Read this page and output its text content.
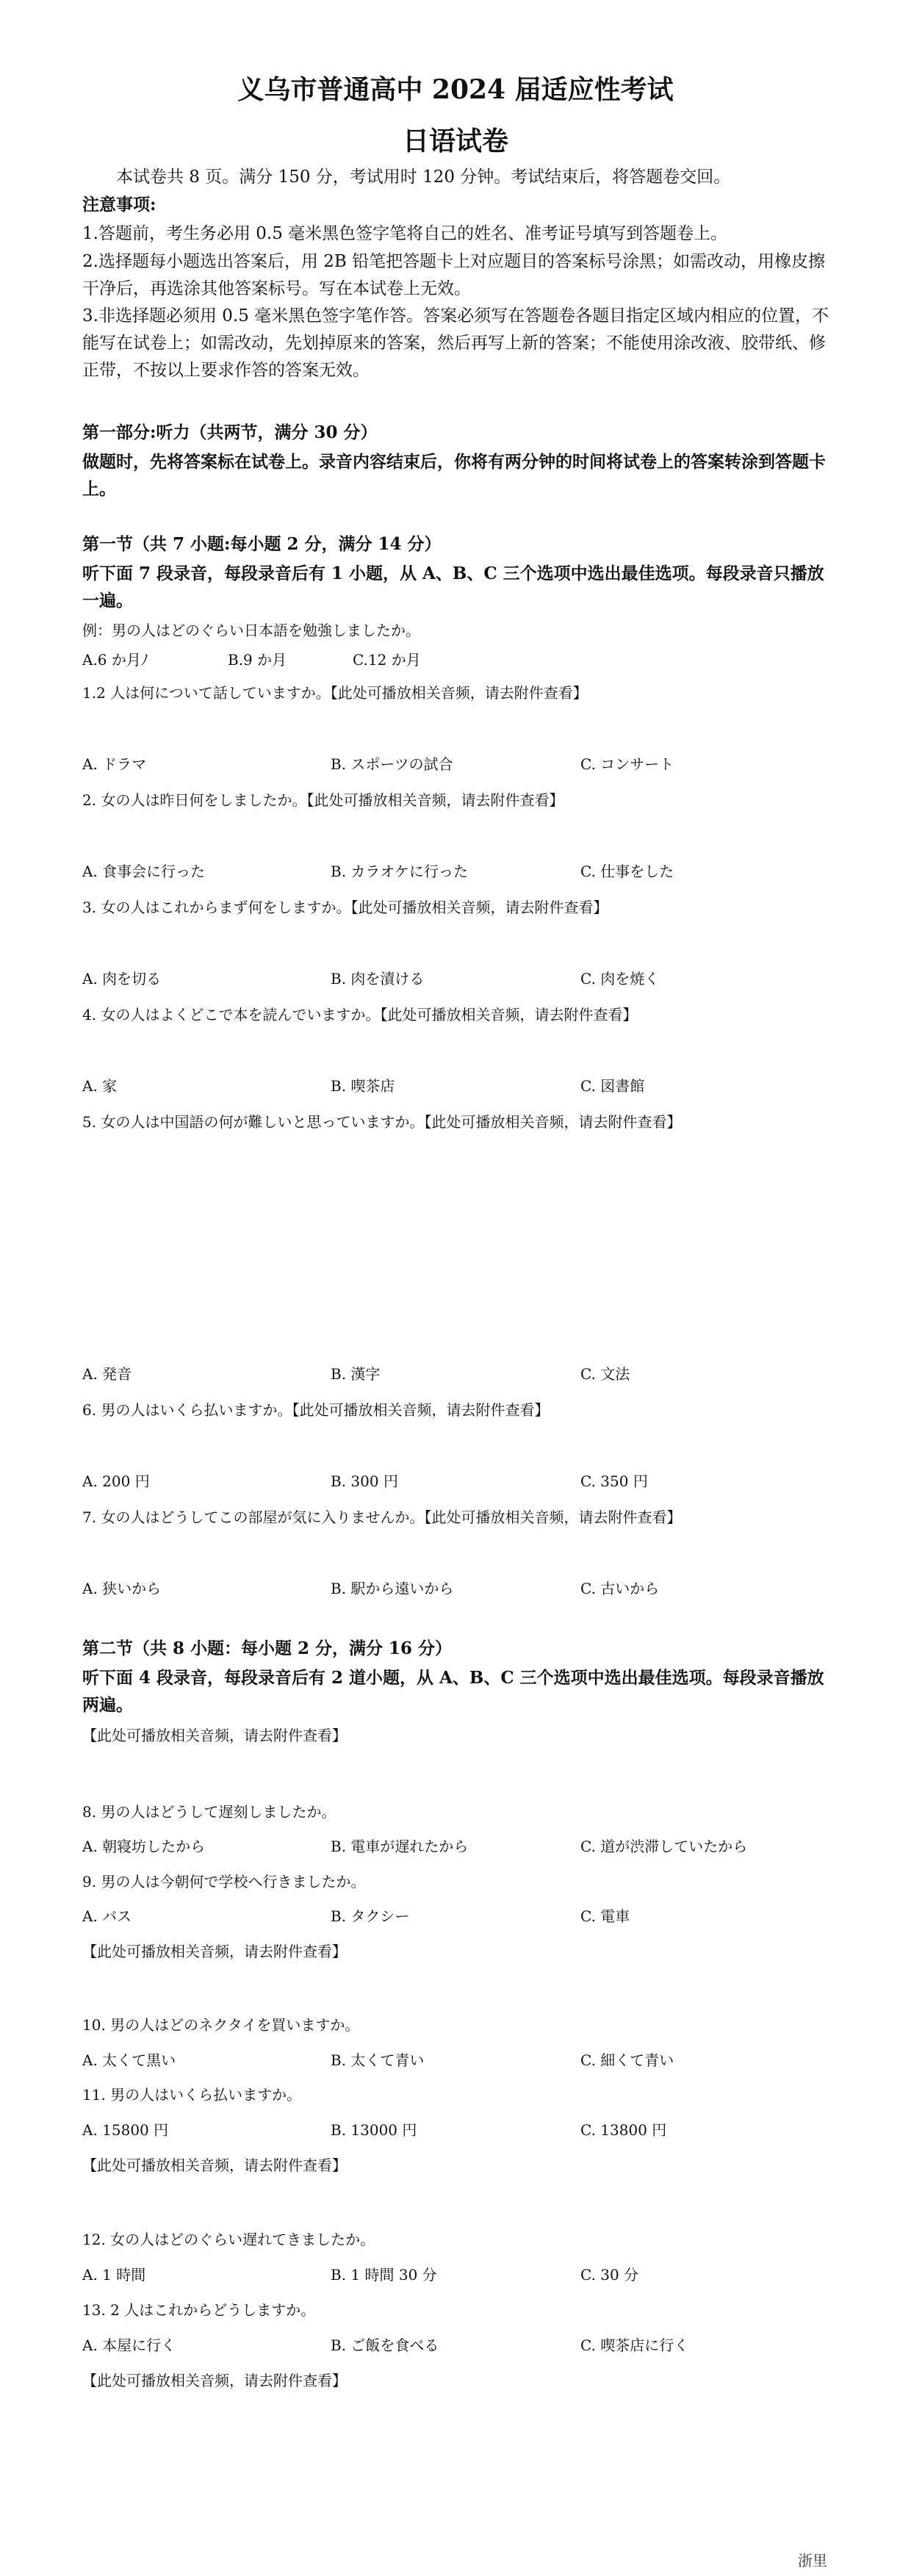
义乌市普通高中 2024 届适应性考试
日语试卷
本试卷共 8 页。满分 150 分，考试用时 120 分钟。考试结束后，将答题卷交回。
注意事项:
1.答题前，考生务必用 0.5 毫米黑色签字笔将自己的姓名、准考证号填写到答题卷上。
2.选择题每小题选出答案后，用 2B 铅笔把答题卡上对应题目的答案标号涂黑；如需改动，用橡皮擦干净后，再选涂其他答案标号。写在本试卷上无效。
3.非选择题必须用 0.5 毫米黑色签字笔作答。答案必须写在答题卷各题目指定区域内相应的位置，不能写在试卷上；如需改动，先划掉原来的答案，然后再写上新的答案；不能使用涂改液、胶带纸、修正带，不按以上要求作答的答案无效。
第一部分:听力（共两节，满分 30 分）
做题时，先将答案标在试卷上。录音内容结束后，你将有两分钟的时间将试卷上的答案转涂到答题卡上。
第一节（共 7 小题:每小题 2 分，满分 14 分）
听下面 7 段录音，每段录音后有 1 小题，从 A、B、C 三个选项中选出最佳选项。每段录音只播放一遍。
例：男の人はどのぐらい日本語を勉強しましたか。
A.6 か月ﾉ	B.9 か月	C.12 か月
1.2 人は何について話していますか。【此处可播放相关音频，请去附件查看】
A. ドラマ	B. スポーツの試合	C. コンサート
2. 女の人は昨日何をしましたか。【此处可播放相关音频，请去附件查看】
A. 食事会に行った	B. カラオケに行った	C. 仕事をした
3. 女の人はこれからまず何をしますか。【此处可播放相关音频，请去附件查看】
A. 肉を切る	B. 肉を漬ける	C. 肉を焼く
4. 女の人はよくどこで本を読んでいますか。【此处可播放相关音频，请去附件查看】
A. 家	B. 喫茶店	C. 図書館
5. 女の人は中国語の何が難しいと思っていますか。【此处可播放相关音频，请去附件查看】
A. 発音	B. 漢字	C. 文法
6. 男の人はいくら払いますか。【此处可播放相关音频，请去附件查看】
A. 200 円	B. 300 円	C. 350 円
7. 女の人はどうしてこの部屋が気に入りませんか。【此处可播放相关音频，请去附件查看】
A. 狭いから	B. 駅から遠いから	C. 古いから
第二节（共 8 小题：每小题 2 分，满分 16 分）
听下面 4 段录音，每段录音后有 2 道小题，从 A、B、C 三个选项中选出最佳选项。每段录音播放两遍。
【此处可播放相关音频，请去附件查看】
8. 男の人はどうして遅刻しましたか。
A. 朝寝坊したから	B. 電車が遅れたから	C. 道が渋滞していたから
9. 男の人は今朝何で学校へ行きましたか。
A. バス	B. タクシー	C. 電車
【此处可播放相关音频，请去附件查看】
10. 男の人はどのネクタイを買いますか。
A. 太くて黒い	B. 太くて青い	C. 細くて青い
11. 男の人はいくら払いますか。
A. 15800 円	B. 13000 円	C. 13800 円
【此处可播放相关音频，请去附件查看】
12. 女の人はどのぐらい遅れてきましたか。
A. 1 時間	B. 1 時間 30 分	C. 30 分
13. 2 人はこれからどうしますか。
A. 本屋に行く	B. ご飯を食べる	C. 喫茶店に行く
【此处可播放相关音频，请去附件查看】
浙里
